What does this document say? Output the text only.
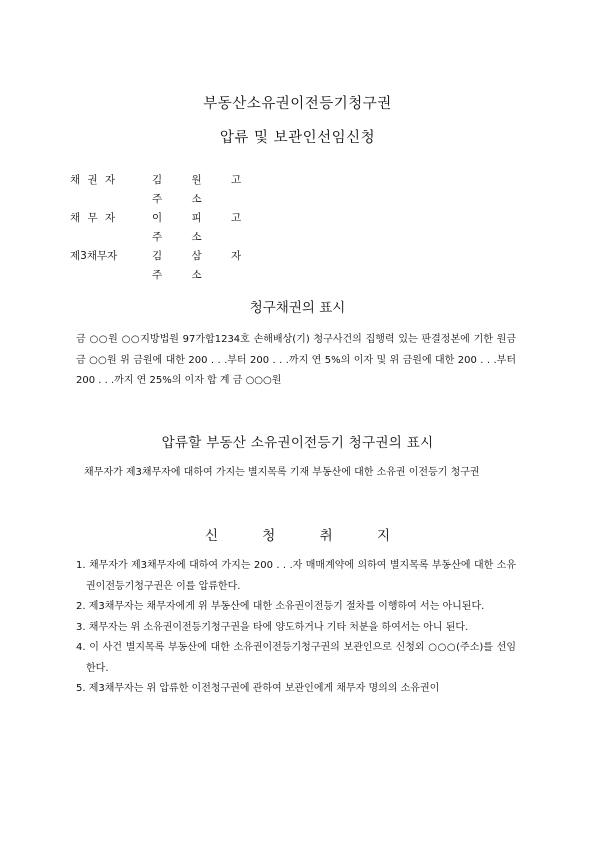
부동산소유권이전등기청구권
압류 및 보관인선임신청
채 권 자	김 원 고
주 소
채 무 자	이 피 고
주 소
제3채무자	김 삼 자
주 소
청구채권의 표시
금 ○○원 ○○지방법원 97가합1234호 손해배상(기) 청구사건의 집행력 있는 판결정본에 기한 원금 금 ○○원 위 금원에 대한 200 . . .부터 200 . . .까지 연 5%의 이자 및 위 금원에 대한 200 . . .부터 200 . . .까지 연 25%의 이자 합 계 금 ○○○원
압류할 부동산 소유권이전등기 청구권의 표시
채무자가 제3채무자에 대하여 가지는 별지목록 기재 부동산에 대한 소유권 이전등기 청구권
신 청 취 지
1. 채무자가 제3채무자에 대하여 가지는 200 . . .자 매매계약에 의하여 별지목록 부동산에 대한 소유권이전등기청구권은 이를 압류한다.
2. 제3채무자는 채무자에게 위 부동산에 대한 소유권이전등기 절차를 이행하여 서는 아니된다.
3. 채무자는 위 소유권이전등기청구권을 타에 양도하거나 기타 처분을 하여서는 아니 된다.
4. 이 사건 별지목록 부동산에 대한 소유권이전등기청구권의 보관인으로 신청외 ○○○(주소)를 선임한다.
5. 제3채무자는 위 압류한 이전청구권에 관하여 보관인에게 채무자 명의의 소유권이
